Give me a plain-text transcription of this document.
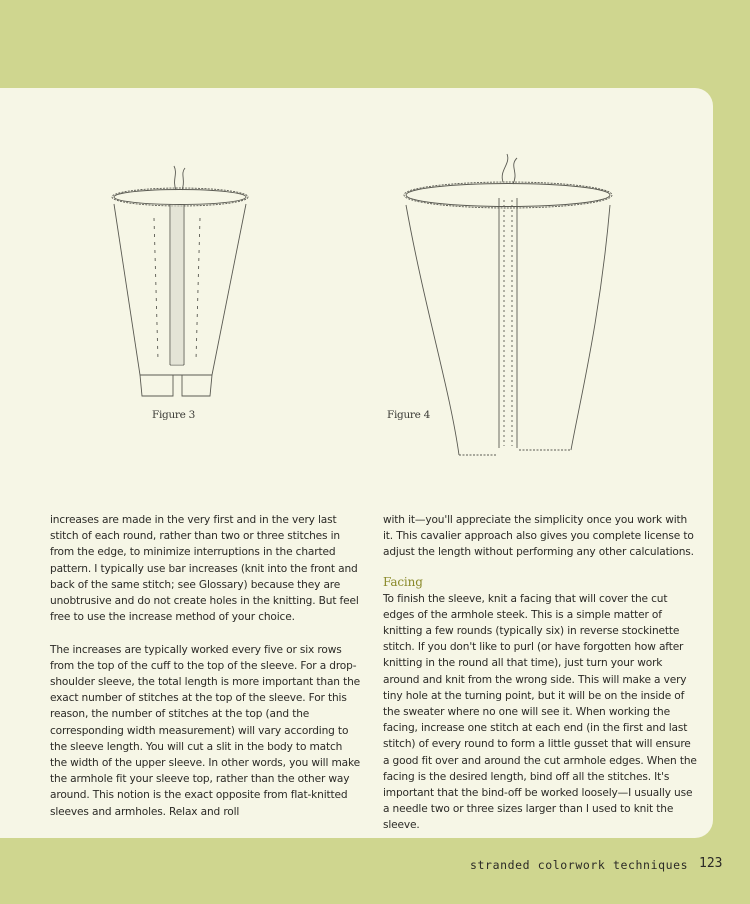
Figure 3	Figure 4

increases are made in the very first and in the very last stitch of each round, rather than two or three stitches in from the edge, to minimize interruptions in the charted pattern. I typically use bar increases (knit into the front and back of the same stitch; see Glossary) because they are unobtrusive and do not create holes in the knitting. But feel free to use the increase method of your choice.

The increases are typically worked every five or six rows from the top of the cuff to the top of the sleeve. For a drop-shoulder sleeve, the total length is more important than the exact number of stitches at the top of the sleeve. For this reason, the number of stitches at the top (and the corresponding width measurement) will vary according to the sleeve length. You will cut a slit in the body to match the width of the upper sleeve. In other words, you will make the armhole fit your sleeve top, rather than the other way around. This notion is the exact opposite from flat-knitted sleeves and armholes. Relax and roll

with it—you'll appreciate the simplicity once you work with it. This cavalier approach also gives you complete license to adjust the length without performing any other calculations.

Facing

To finish the sleeve, knit a facing that will cover the cut edges of the armhole steek. This is a simple matter of knitting a few rounds (typically six) in reverse stockinette stitch. If you don't like to purl (or have forgotten how after knitting in the round all that time), just turn your work around and knit from the wrong side. This will make a very tiny hole at the turning point, but it will be on the inside of the sweater where no one will see it. When working the facing, increase one stitch at each end (in the first and last stitch) of every round to form a little gusset that will ensure a good fit over and around the cut armhole edges. When the facing is the desired length, bind off all the stitches. It's important that the bind-off be worked loosely—I usually use a needle two or three sizes larger than I used to knit the sleeve.

stranded colorwork techniques 123
